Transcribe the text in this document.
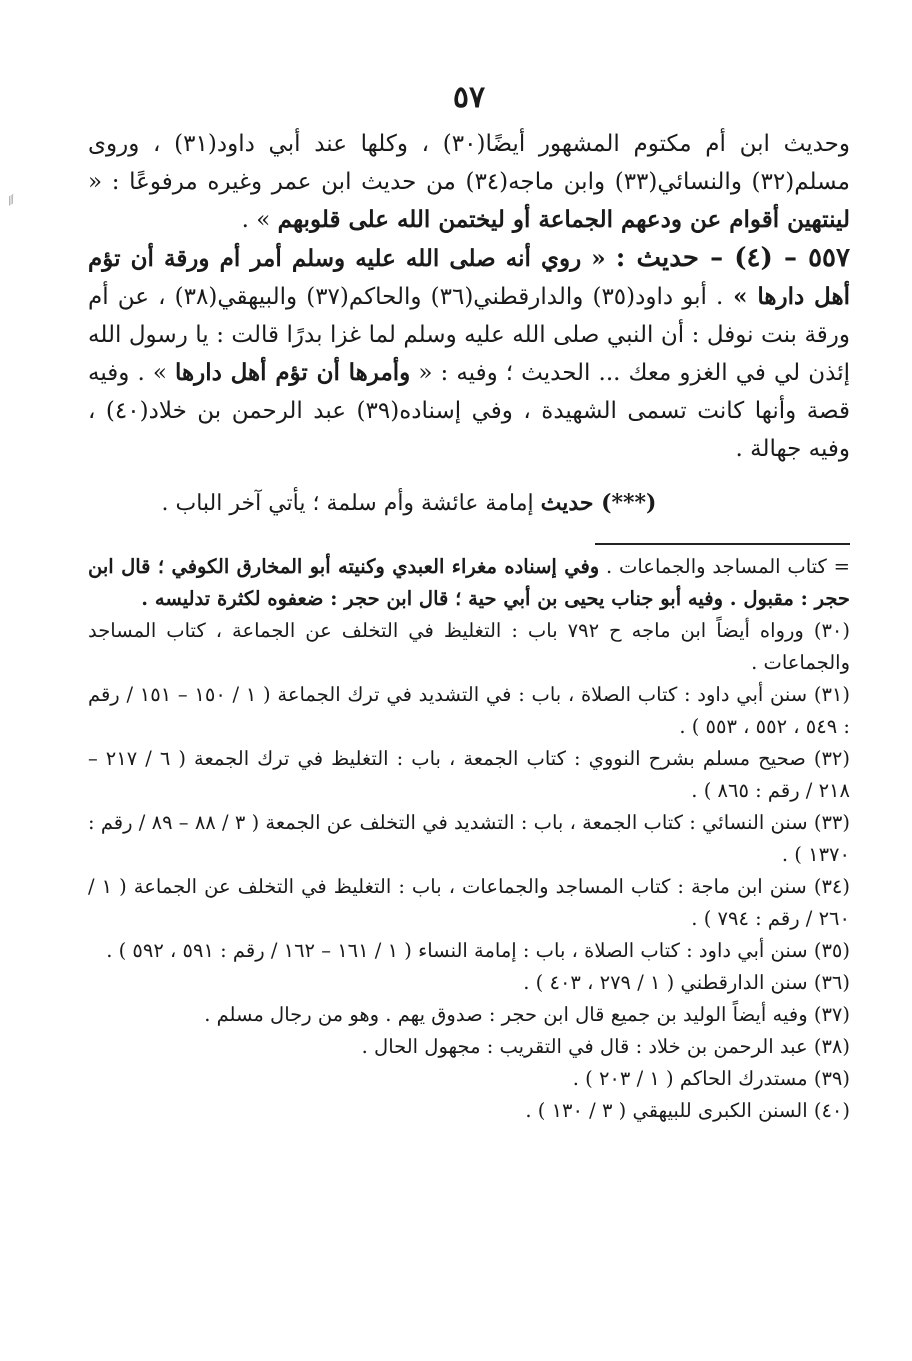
⁄⁄⁄
٥٧

وحديث ابن أم مكتوم المشهور أيضًا(٣٠) ، وكلها عند أبي داود(٣١) ، وروى مسلم(٣٢) والنسائي(٣٣) وابن ماجه(٣٤) من حديث ابن عمر وغيره مرفوعًا : « لينتهين أقوام عن ودعهم الجماعة أو ليختمن الله على قلوبهم » .

٥٥٧ – (٤) – حديث : « روي أنه صلى الله عليه وسلم أمر أم ورقة أن تؤم أهل دارها » . أبو داود(٣٥) والدارقطني(٣٦) والحاكم(٣٧) والبيهقي(٣٨) ، عن أم ورقة بنت نوفل : أن النبي صلى الله عليه وسلم لما غزا بدرًا قالت : يا رسول الله إئذن لي في الغزو معك ... الحديث ؛ وفيه : « وأمرها أن تؤم أهل دارها » . وفيه قصة وأنها كانت تسمى الشهيدة ، وفي إسناده(٣٩) عبد الرحمن بن خلاد(٤٠) ، وفيه جهالة .

(***) حديث إمامة عائشة وأم سلمة ؛ يأتي آخر الباب .

= كتاب المساجد والجماعات . وفي إسناده مغراء العبدي وكنيته أبو المخارق الكوفي ؛ قال ابن حجر : مقبول . وفيه أبو جناب يحيى بن أبي حية ؛ قال ابن حجر : ضعفوه لكثرة تدليسه .

(٣٠) ورواه أيضاً ابن ماجه ح ٧٩٢ باب : التغليظ في التخلف عن الجماعة ، كتاب المساجد والجماعات .

(٣١) سنن أبي داود : كتاب الصلاة ، باب : في التشديد في ترك الجماعة ( ١ / ١٥٠ – ١٥١ / رقم : ٥٤٩ ، ٥٥٢ ، ٥٥٣ ) .

(٣٢) صحيح مسلم بشرح النووي : كتاب الجمعة ، باب : التغليظ في ترك الجمعة ( ٦ / ٢١٧ – ٢١٨ / رقم : ٨٦٥ ) .

(٣٣) سنن النسائي : كتاب الجمعة ، باب : التشديد في التخلف عن الجمعة ( ٣ / ٨٨ – ٨٩ / رقم : ١٣٧٠ ) .

(٣٤) سنن ابن ماجة : كتاب المساجد والجماعات ، باب : التغليظ في التخلف عن الجماعة ( ١ / ٢٦٠ / رقم : ٧٩٤ ) .

(٣٥) سنن أبي داود : كتاب الصلاة ، باب : إمامة النساء ( ١ / ١٦١ – ١٦٢ / رقم : ٥٩١ ، ٥٩٢ ) .

(٣٦) سنن الدارقطني ( ١ / ٢٧٩ ، ٤٠٣ ) .

(٣٧) وفيه أيضاً الوليد بن جميع قال ابن حجر : صدوق يهم . وهو من رجال مسلم .

(٣٨) عبد الرحمن بن خلاد : قال في التقريب : مجهول الحال .

(٣٩) مستدرك الحاكم ( ١ / ٢٠٣ ) .

(٤٠) السنن الكبرى للبيهقي ( ٣ / ١٣٠ ) .
